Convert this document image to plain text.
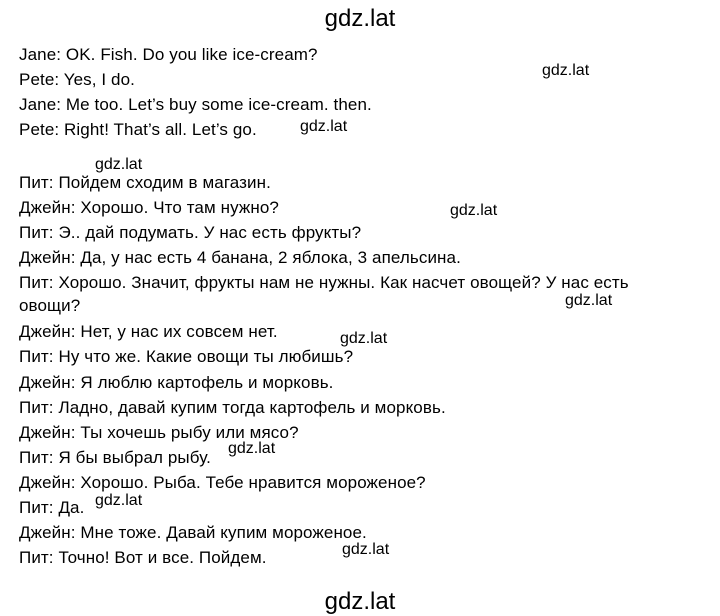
gdz.lat
Jane: OK. Fish. Do you like ice-cream?
Pete: Yes, I do.
Jane: Me too. Let’s buy some ice-cream. then.
Pete: Right! That’s all. Let’s go.
Пит: Пойдем сходим в магазин.
Джейн: Хорошо. Что там нужно?
Пит: Э.. дай подумать. У нас есть фрукты?
Джейн: Да, у нас есть 4 банана, 2 яблока, 3 апельсина.
Пит: Хорошо. Значит, фрукты нам не нужны. Как насчет овощей? У нас есть
овощи?
Джейн: Нет, у нас их совсем нет.
Пит: Ну что же. Какие овощи ты любишь?
Джейн: Я люблю картофель и морковь.
Пит: Ладно, давай купим тогда картофель и морковь.
Джейн: Ты хочешь рыбу или мясо?
Пит: Я бы выбрал рыбу.
Джейн: Хорошо. Рыба. Тебе нравится мороженое?
Пит: Да.
Джейн: Мне тоже. Давай купим мороженое.
Пит: Точно! Вот и все. Пойдем.
gdz.lat
gdz.lat
gdz.lat
gdz.lat
gdz.lat
gdz.lat
gdz.lat
gdz.lat
gdz.lat
gdz.lat
